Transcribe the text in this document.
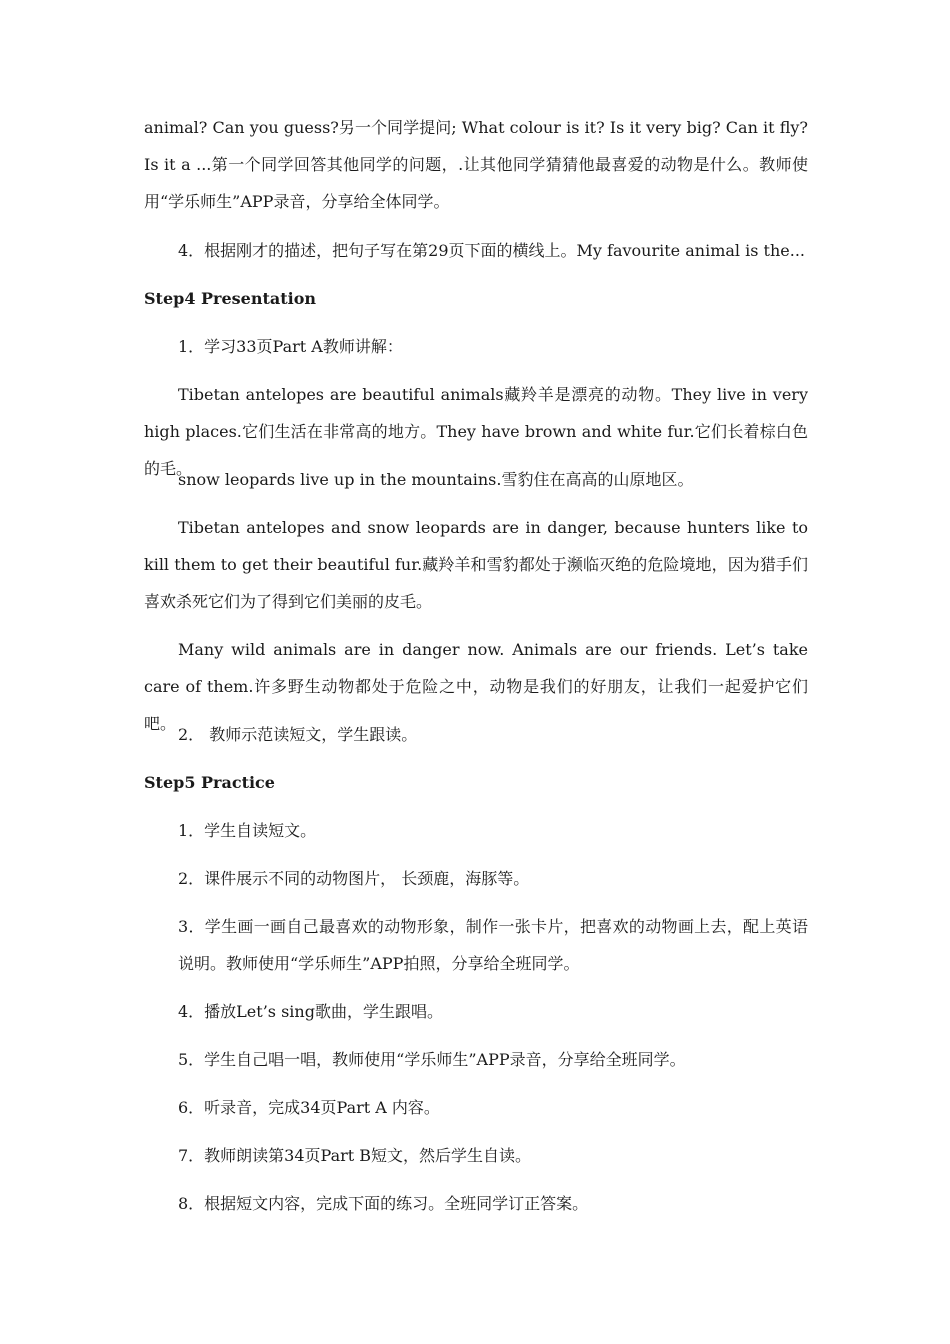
animal? Can you guess?另一个同学提问; What colour is it? Is it very big? Can it fly? Is it a ...第一个同学回答其他同学的问题，.让其他同学猜猜他最喜爱的动物是什么。教师使用“学乐师生”APP录音，分享给全体同学。

4．根据刚才的描述，把句子写在第29页下面的横线上。My favourite animal is the...

Step4 Presentation

1．学习33页Part A教师讲解：

Tibetan antelopes are beautiful animals藏羚羊是漂亮的动物。They live in very high places.它们生活在非常高的地方。They have brown and white fur.它们长着棕白色的毛。

snow leopards live up in the mountains.雪豹住在高高的山原地区。

Tibetan antelopes and snow leopards are in danger, because hunters like to kill them to get their beautiful fur.藏羚羊和雪豹都处于濒临灭绝的危险境地，因为猎手们喜欢杀死它们为了得到它们美丽的皮毛。

Many wild animals are in danger now. Animals are our friends. Let’s take care of them.许多野生动物都处于危险之中，动物是我们的好朋友，让我们一起爱护它们吧。

2． 教师示范读短文，学生跟读。

Step5 Practice

1．学生自读短文。

2．课件展示不同的动物图片， 长颈鹿，海豚等。

3．学生画一画自己最喜欢的动物形象，制作一张卡片，把喜欢的动物画上去，配上英语说明。教师使用“学乐师生”APP拍照，分享给全班同学。

4．播放Let’s sing歌曲，学生跟唱。

5．学生自己唱一唱，教师使用“学乐师生”APP录音，分享给全班同学。

6．听录音，完成34页Part A 内容。

7．教师朗读第34页Part B短文，然后学生自读。

8．根据短文内容，完成下面的练习。全班同学订正答案。
